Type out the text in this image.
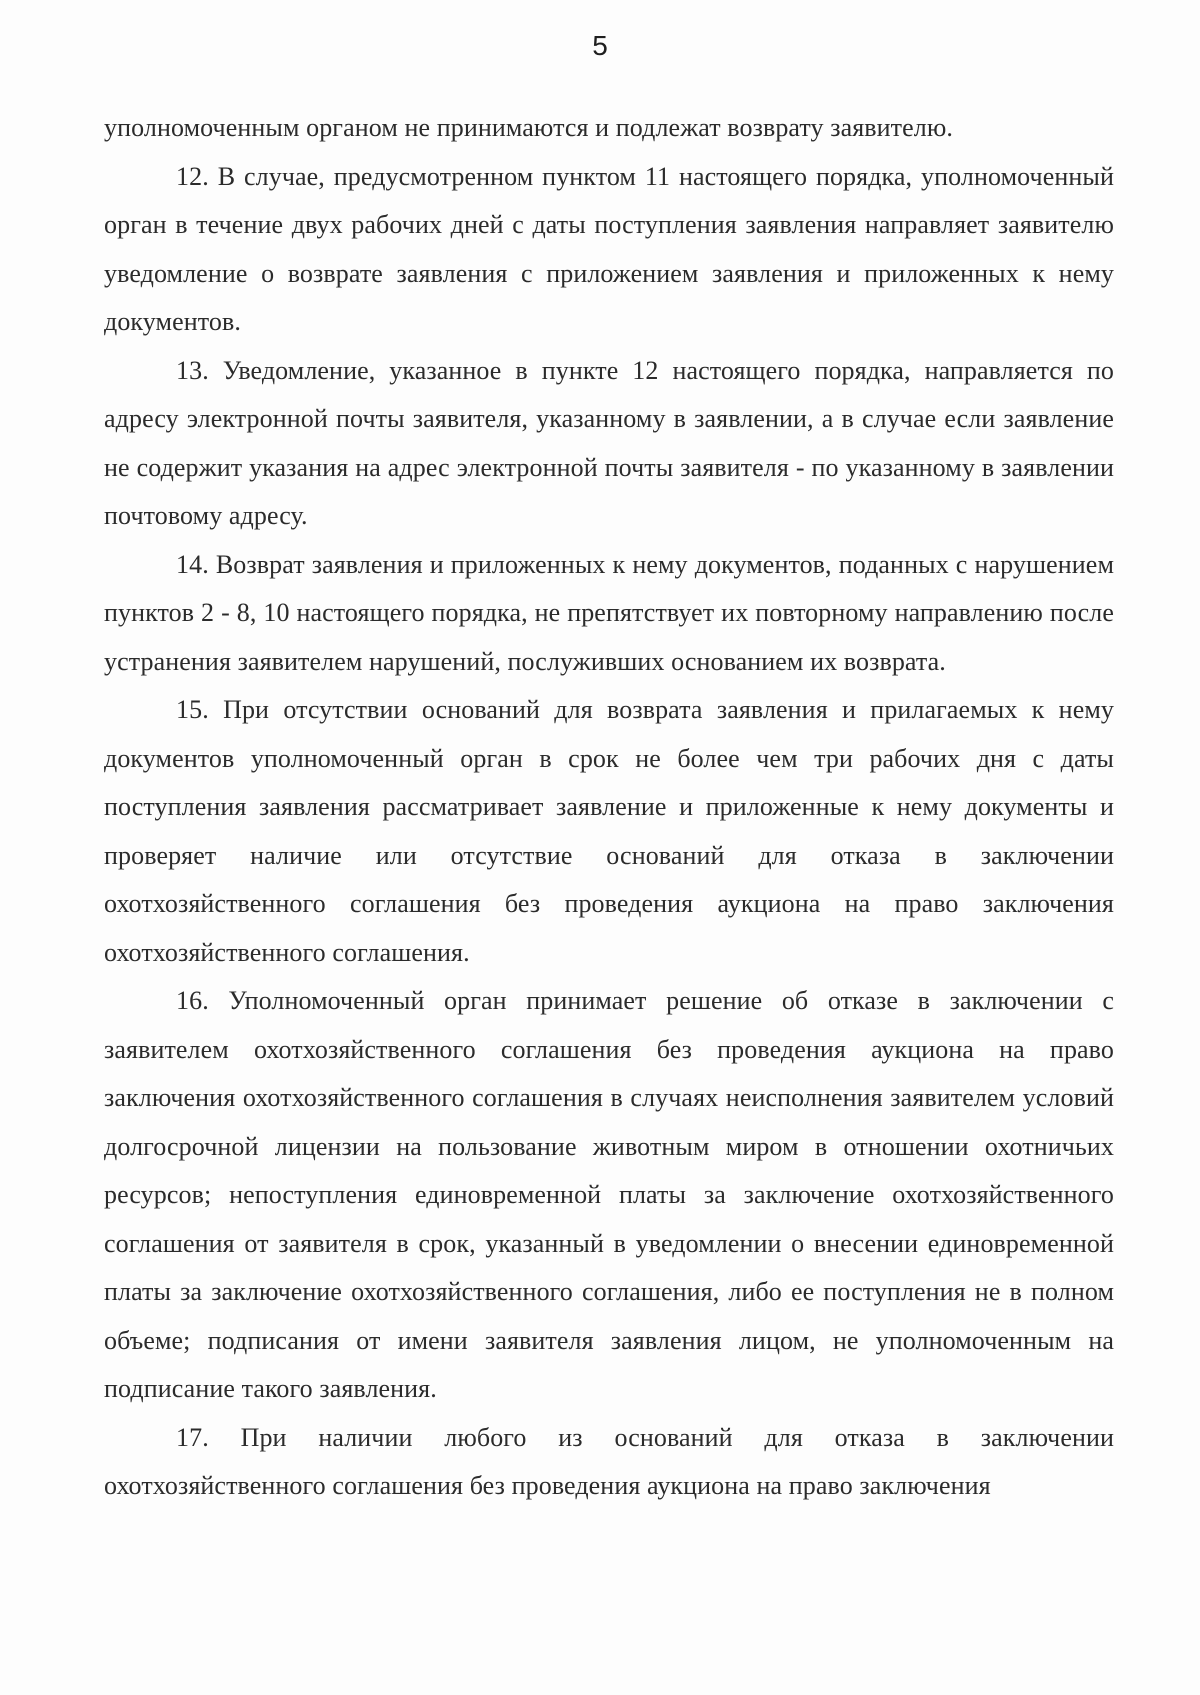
5

уполномоченным органом не принимаются и подлежат возврату заявителю.

12. В случае, предусмотренном пунктом 11 настоящего порядка, уполномоченный орган в течение двух рабочих дней с даты поступления заявления направляет заявителю уведомление о возврате заявления с приложением заявления и приложенных к нему документов.

13. Уведомление, указанное в пункте 12 настоящего порядка, направляется по адресу электронной почты заявителя, указанному в заявлении, а в случае если заявление не содержит указания на адрес электронной почты заявителя - по указанному в заявлении почтовому адресу.

14. Возврат заявления и приложенных к нему документов, поданных с нарушением пунктов 2 - 8, 10 настоящего порядка, не препятствует их повторному направлению после устранения заявителем нарушений, послуживших основанием их возврата.

15. При отсутствии оснований для возврата заявления и прилагаемых к нему документов уполномоченный орган в срок не более чем три рабочих дня с даты поступления заявления рассматривает заявление и приложенные к нему документы и проверяет наличие или отсутствие оснований для отказа в заключении охотхозяйственного соглашения без проведения аукциона на право заключения охотхозяйственного соглашения.

16. Уполномоченный орган принимает решение об отказе в заключении с заявителем охотхозяйственного соглашения без проведения аукциона на право заключения охотхозяйственного соглашения в случаях неисполнения заявителем условий долгосрочной лицензии на пользование животным миром в отношении охотничьих ресурсов; непоступления единовременной платы за заключение охотхозяйственного соглашения от заявителя в срок, указанный в уведомлении о внесении единовременной платы за заключение охотхозяйственного соглашения, либо ее поступления не в полном объеме; подписания от имени заявителя заявления лицом, не уполномоченным на подписание такого заявления.

17. При наличии любого из оснований для отказа в заключении охотхозяйственного соглашения без проведения аукциона на право заключения
